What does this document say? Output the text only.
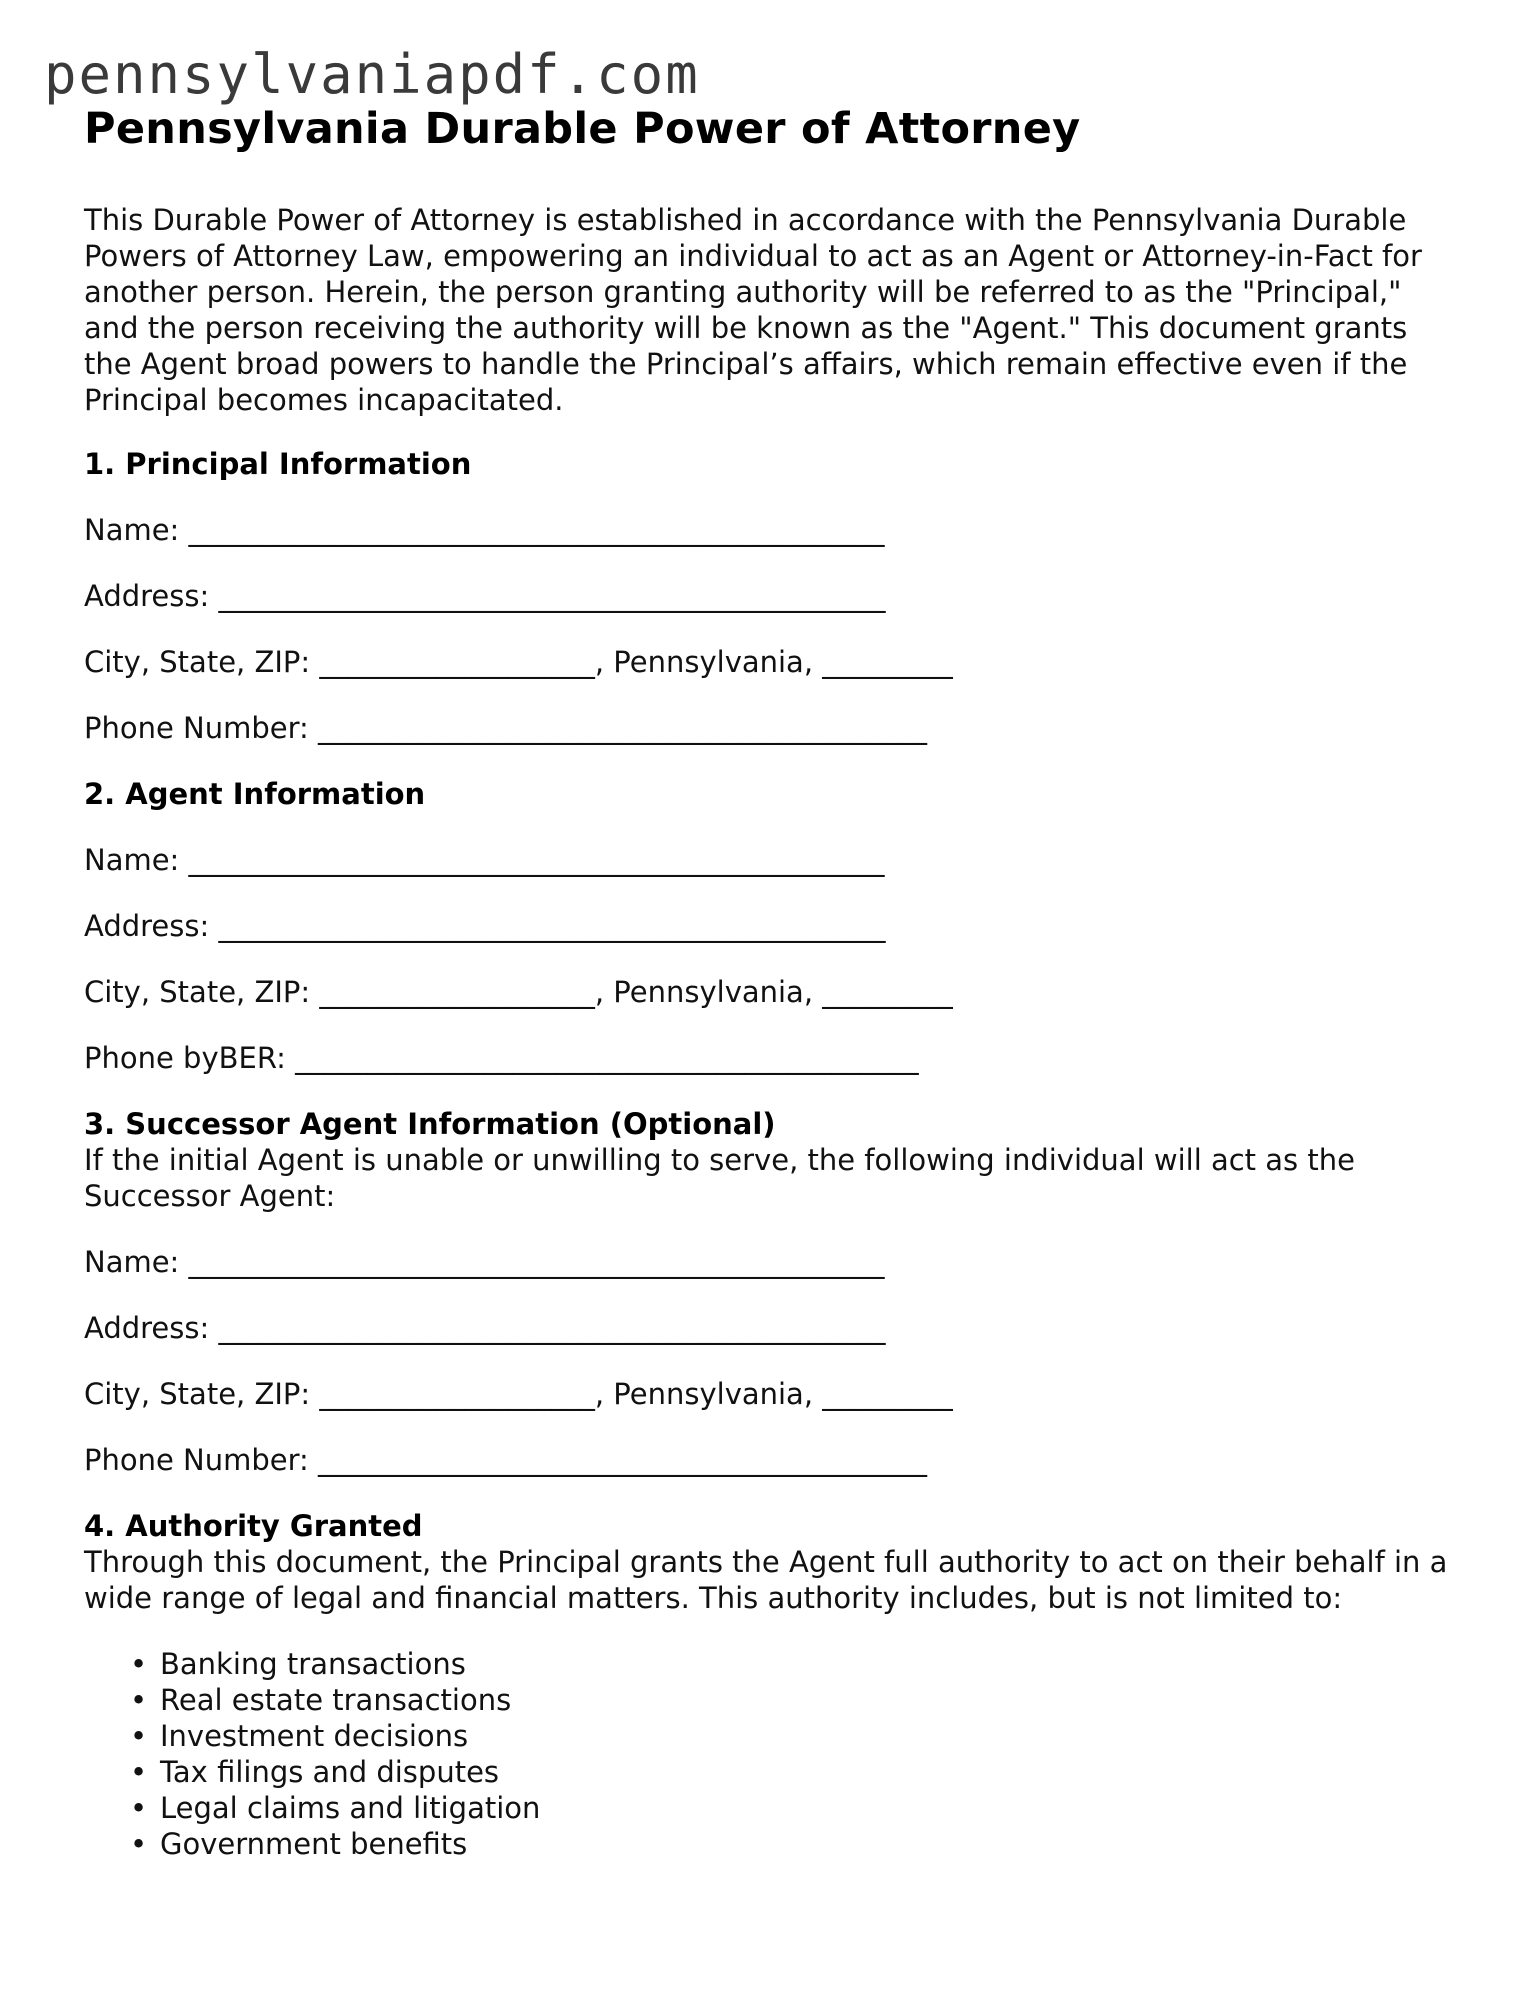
pennsylvaniapdf.com
Pennsylvania Durable Power of Attorney

This Durable Power of Attorney is established in accordance with the Pennsylvania Durable Powers of Attorney Law, empowering an individual to act as an Agent or Attorney-in-Fact for another person. Herein, the person granting authority will be referred to as the "Principal," and the person receiving the authority will be known as the "Agent." This document grants the Agent broad powers to handle the Principal’s affairs, which remain effective even if the Principal becomes incapacitated.

1. Principal Information
Name: ________________________________________________
Address: ______________________________________________
City, State, ZIP: ___________________, Pennsylvania, _________
Phone Number: __________________________________________
2. Agent Information
Name: ________________________________________________
Address: ______________________________________________
City, State, ZIP: ___________________, Pennsylvania, _________
Phone byBER: ___________________________________________
3. Successor Agent Information (Optional)

If the initial Agent is unable or unwilling to serve, the following individual will act as the Successor Agent:

Name: ________________________________________________
Address: ______________________________________________
City, State, ZIP: ___________________, Pennsylvania, _________
Phone Number: __________________________________________
4. Authority Granted

Through this document, the Principal grants the Agent full authority to act on their behalf in a wide range of legal and financial matters. This authority includes, but is not limited to:

• Banking transactions
• Real estate transactions
• Investment decisions
• Tax filings and disputes
• Legal claims and litigation
• Government benefits
